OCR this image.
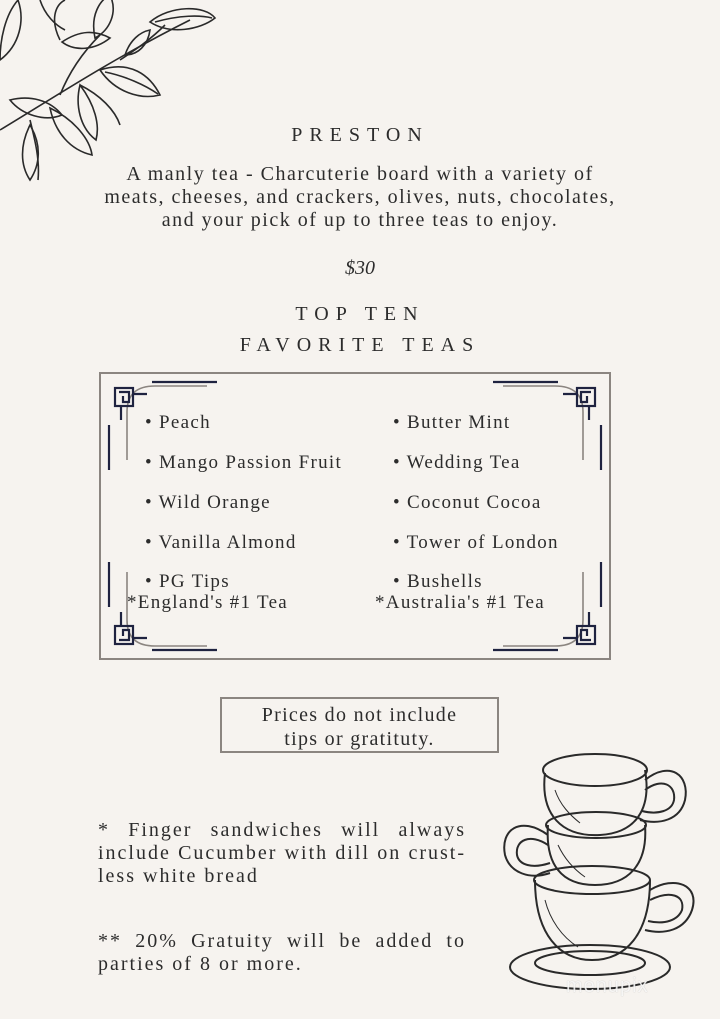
PRESTON
A manly tea - Charcuterie board with a variety of meats, cheeses, and crackers, olives, nuts, chocolates, and your pick of up to three teas to enjoy.
$30
TOP TEN
FAVORITE TEAS
• Peach
• Mango Passion Fruit
• Wild Orange
• Vanilla Almond
• PG Tips
*England's #1 Tea
• Butter Mint
• Wedding Tea
• Coconut Cocoa
• Tower of London
• Bushells
*Australia's #1 Tea
Prices do not include
tips or gratituty.
* Finger sandwiches will always include Cucumber with dill on crust-less white bread
** 20% Gratuity will be added to parties of 8 or more.
menupix
